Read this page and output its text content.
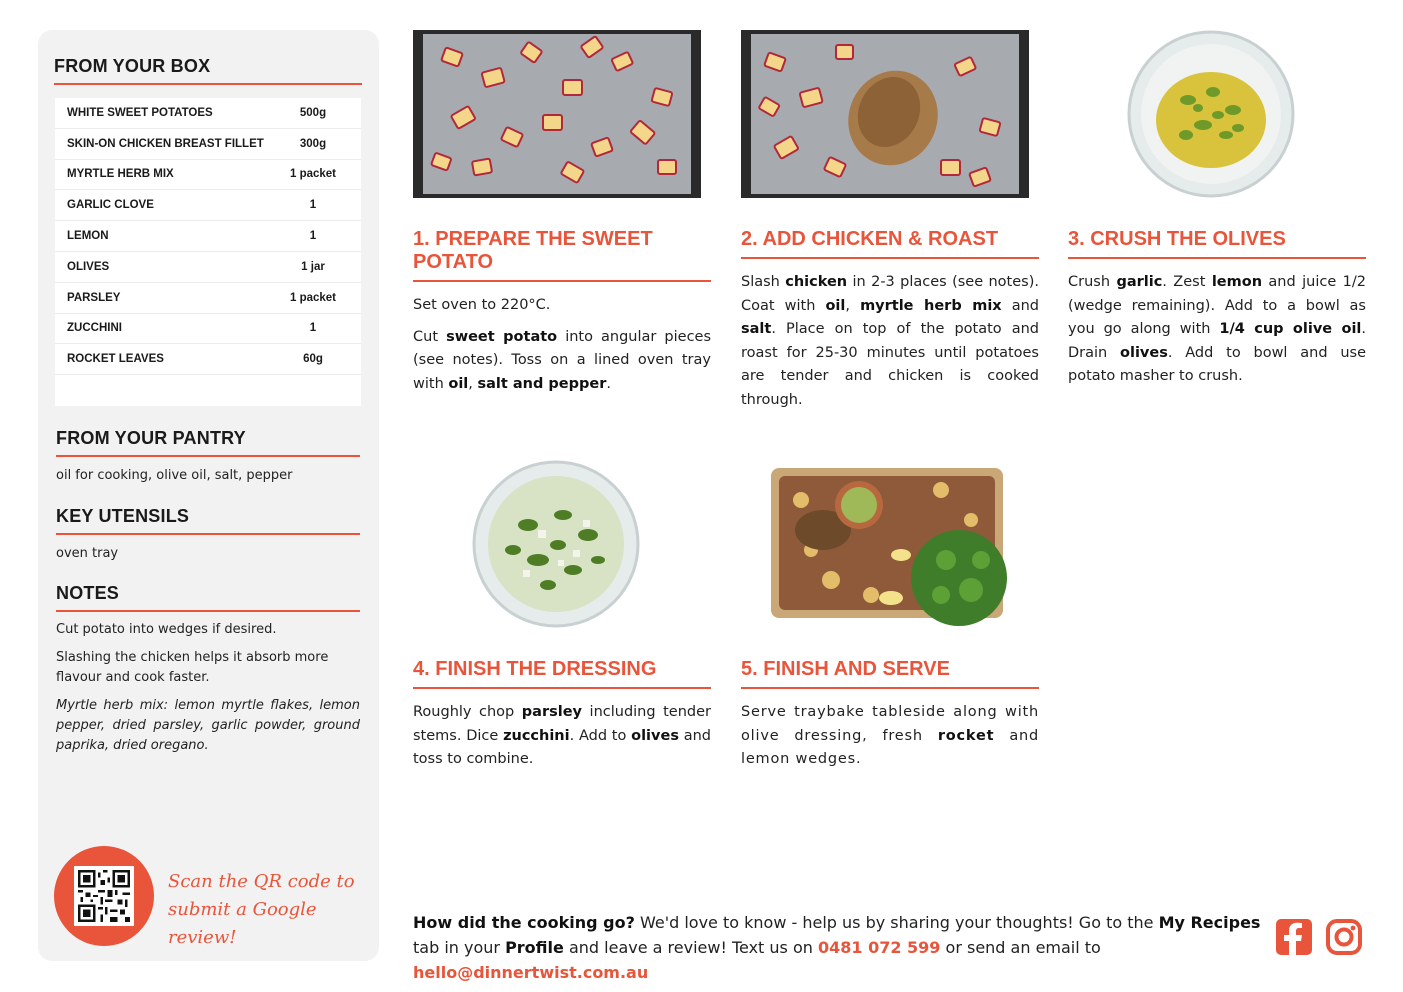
FROM YOUR BOX
WHITE SWEET POTATOES	500g
SKIN-ON CHICKEN BREAST FILLET	300g
MYRTLE HERB MIX	1 packet
GARLIC CLOVE	1
LEMON	1
OLIVES	1 jar
PARSLEY	1 packet
ZUCCHINI	1
ROCKET LEAVES	60g
FROM YOUR PANTRY
oil for cooking, olive oil, salt, pepper
KEY UTENSILS
oven tray
NOTES

Cut potato into wedges if desired.

Slashing the chicken helps it absorb more flavour and cook faster.

Myrtle herb mix: lemon myrtle flakes, lemon pepper, dried parsley, garlic powder, ground paprika, dried oregano.

Scan the QR code to
submit a Google review!
1. PREPARE THE SWEET POTATO

Set oven to 220°C.

Cut sweet potato into angular pieces (see notes). Toss on a lined oven tray with oil, salt and pepper.

2. ADD CHICKEN & ROAST

Slash chicken in 2-3 places (see notes). Coat with oil, myrtle herb mix and salt. Place on top of the potato and roast for 25-30 minutes until potatoes are tender and chicken is cooked through.

3. CRUSH THE OLIVES

Crush garlic. Zest lemon and juice 1/2 (wedge remaining). Add to a bowl as you go along with 1/4 cup olive oil. Drain olives. Add to bowl and use potato masher to crush.

4. FINISH THE DRESSING

Roughly chop parsley including tender stems. Dice zucchini. Add to olives and toss to combine.

5. FINISH AND SERVE

Serve traybake tableside along with olive dressing, fresh rocket and lemon wedges.

How did the cooking go? We'd love to know - help us by sharing your thoughts! Go to the My Recipes tab in your Profile and leave a review! Text us on 0481 072 599 or send an email to hello@dinnertwist.com.au
